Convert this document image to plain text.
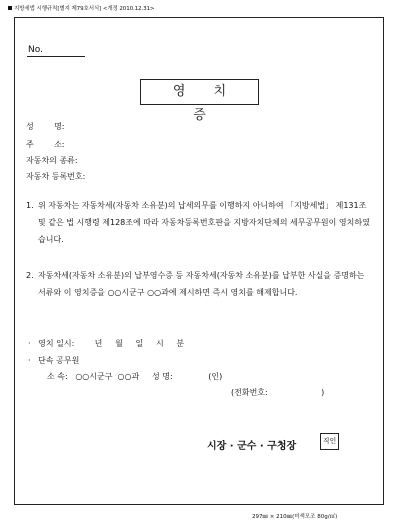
지방세법 시행규칙[별지 제79호서식] <개정 2010.12.31>
No.
영 치 증
성        명:
주        소:
자동차의 종류:
자동차 등록번호:
1. 위 자동차는 자동차세(자동차 소유분)의 납세의무를 이행하지 아니하여 「지방세법」 제131조 및 같은 법 시행령 제128조에 따라 자동차등록번호판을 지방자치단체의 세무공무원이 영치하였습니다.
2. 자동차세(자동차 소유분)의 납부영수증 등 자동차세(자동차 소유분)를 납부한 사실을 증명하는 서류와 이 영치증을 ○○시군구 ○○과에 제시하면 즉시 영치를 해제합니다.
·   영치 일시:        년     월     일     시     분
·   단속 공무원
소 속:   ○○시군구  ○○과     성 명:              (인)
(전화번호:                     )
시장 · 군수 · 구청장	직인
297㎜ × 210㎜(미색모조 80g/㎡)
